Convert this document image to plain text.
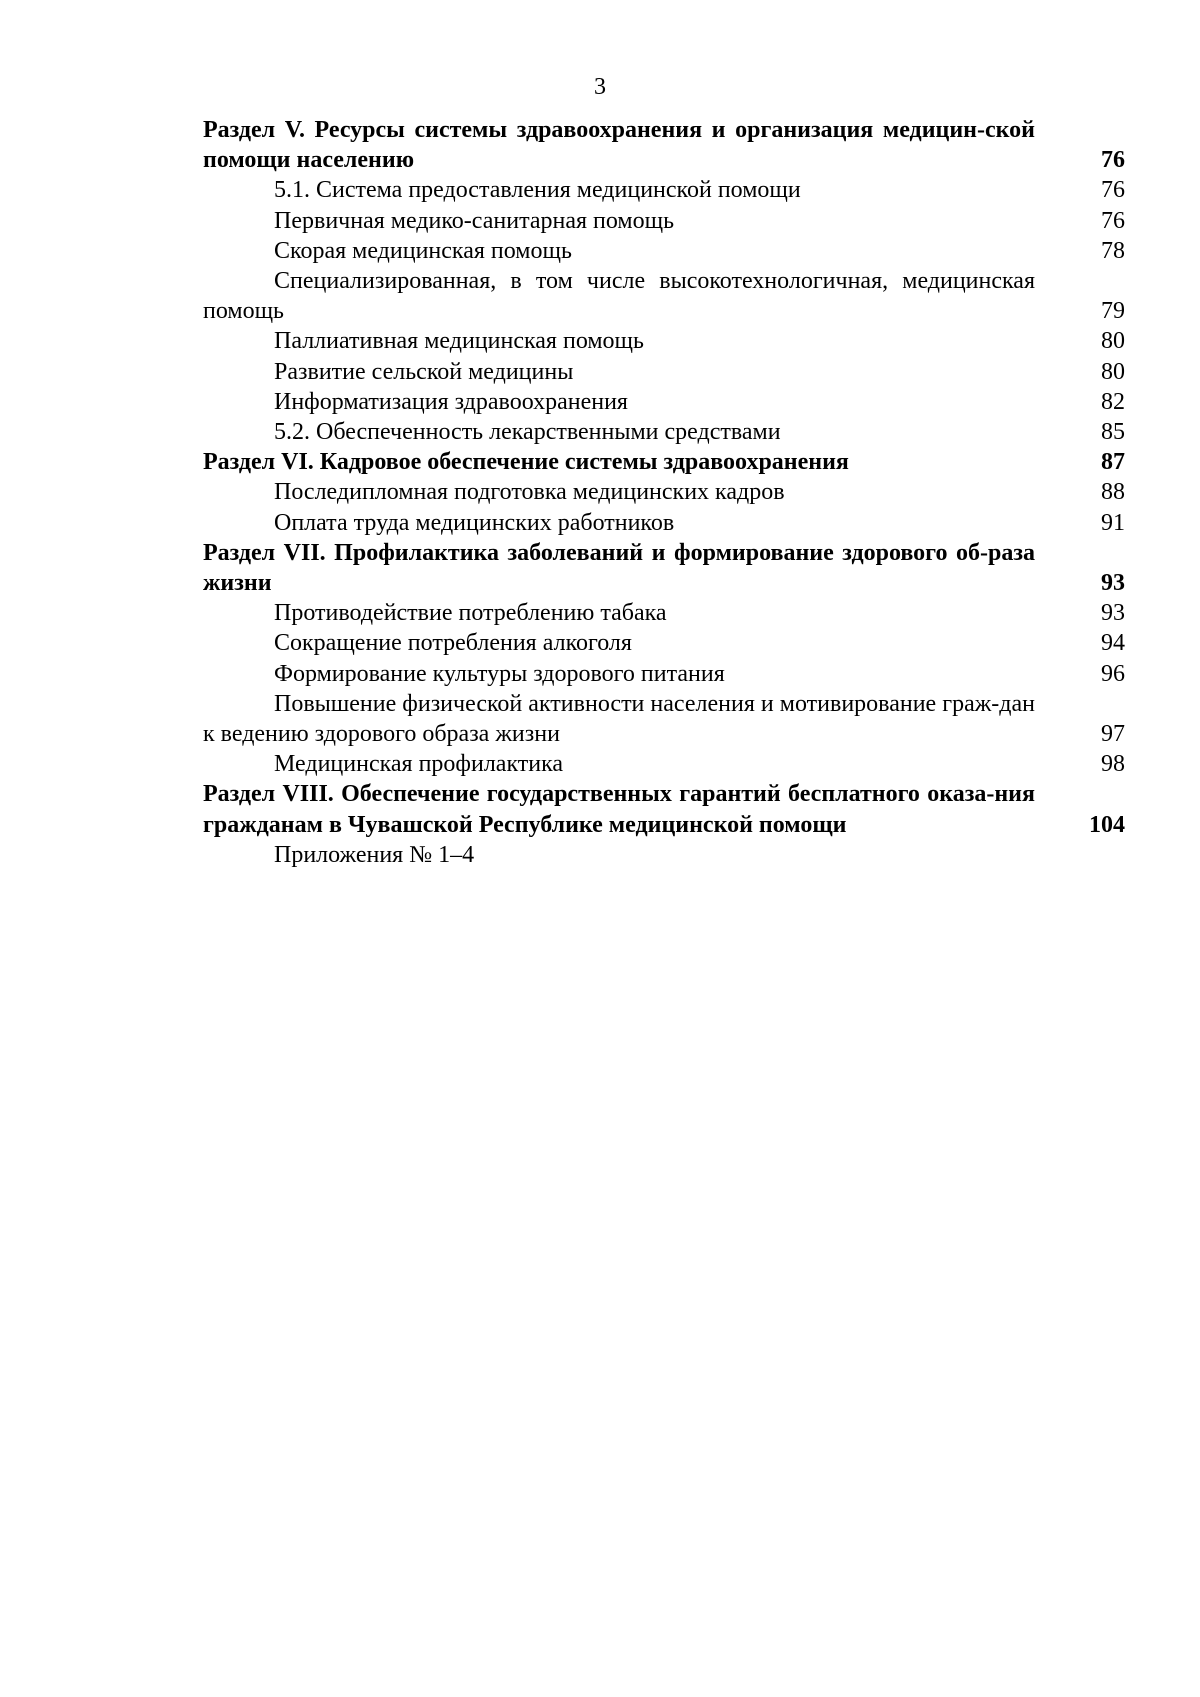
3
Раздел V. Ресурсы системы здравоохранения и организация медицин-ской помощи населению	76
5.1. Система предоставления медицинской помощи	76
Первичная медико-санитарная помощь	76
Скорая медицинская помощь	78
Специализированная, в том числе высокотехнологичная, медицинская помощь	79
Паллиативная медицинская помощь	80
Развитие сельской медицины	80
Информатизация здравоохранения	82
5.2. Обеспеченность лекарственными средствами	85
Раздел VI. Кадровое обеспечение системы здравоохранения	87
Последипломная подготовка медицинских кадров	88
Оплата труда медицинских работников	91
Раздел VII. Профилактика заболеваний и формирование здорового об-раза жизни	93
Противодействие потреблению табака	93
Сокращение потребления алкоголя	94
Формирование культуры здорового питания	96
Повышение физической активности населения и мотивирование граж-дан к ведению здорового образа жизни	97
Медицинская профилактика	98
Раздел VIII. Обеспечение государственных гарантий бесплатного оказа-ния гражданам в Чувашской Республике медицинской помощи	104
Приложения № 1–4
